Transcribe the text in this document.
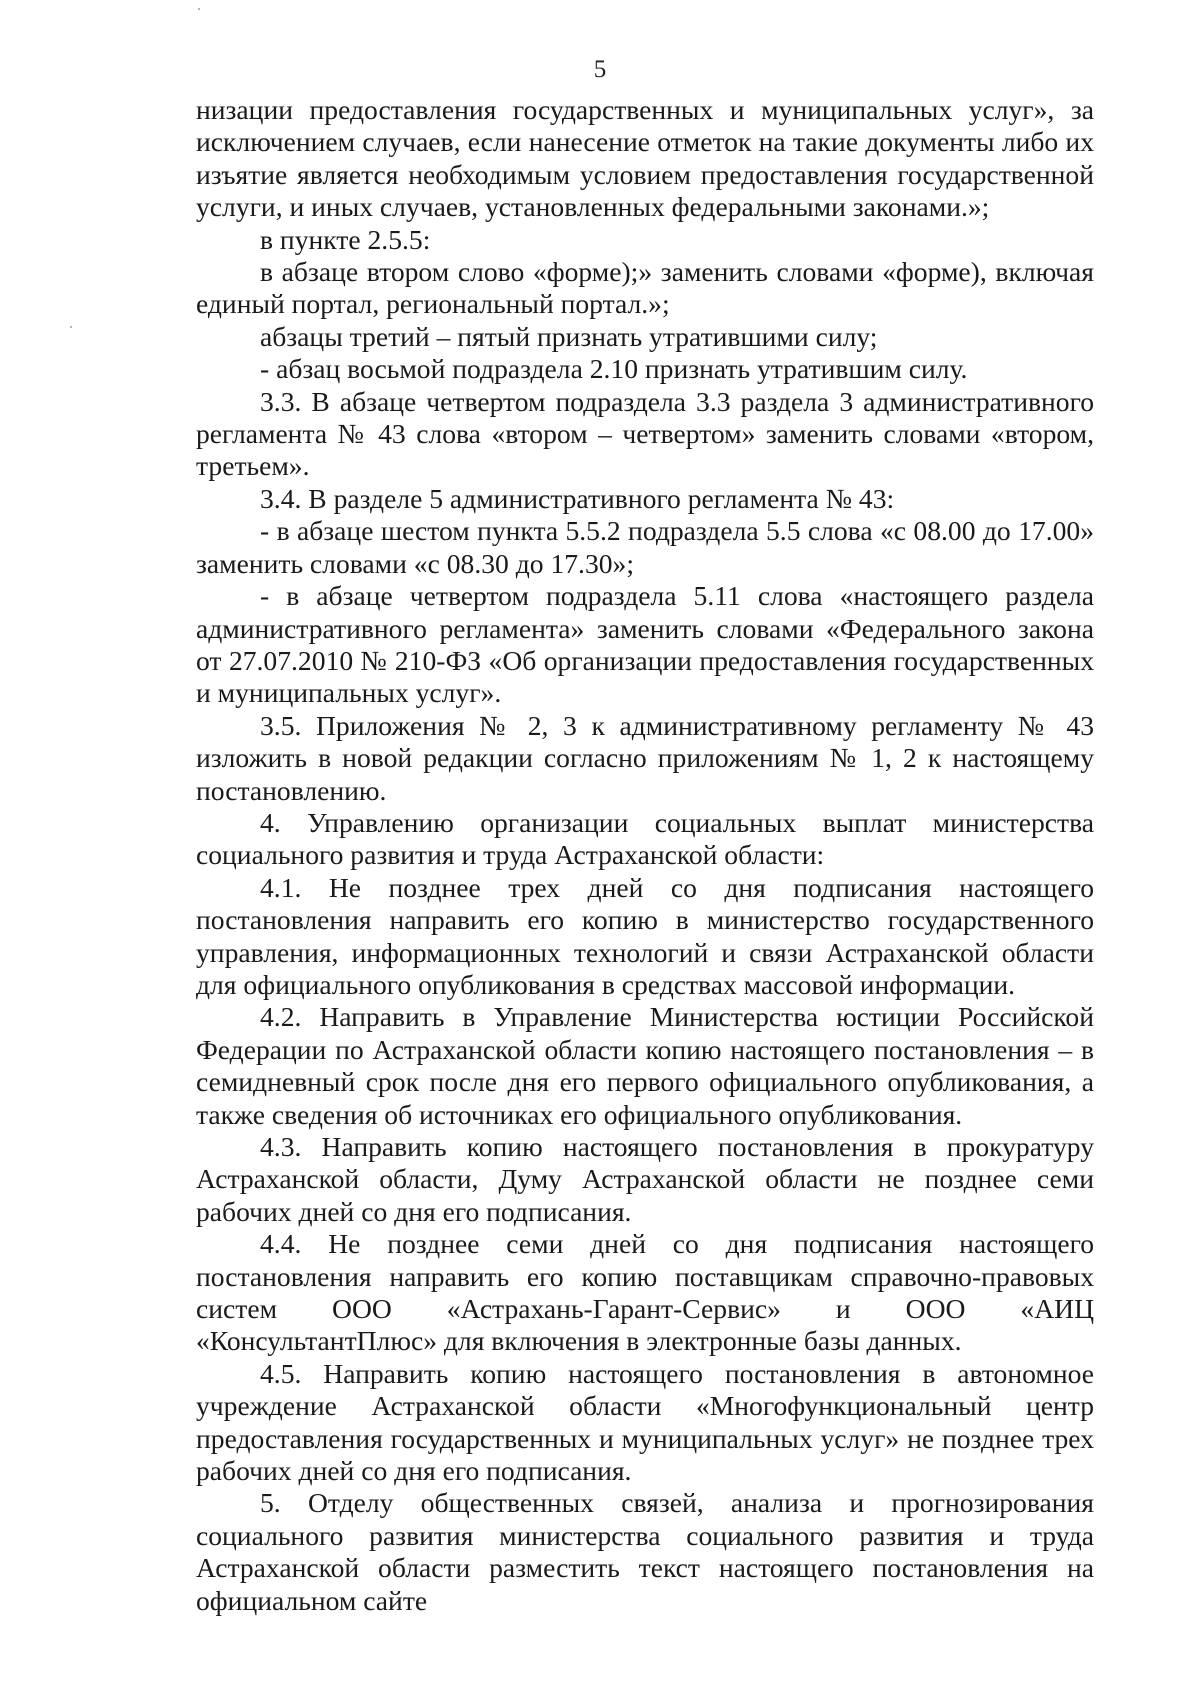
5

низации предоставления государственных и муниципальных услуг», за исключением случаев, если нанесение отметок на такие документы либо их изъятие является необходимым условием предоставления государственной услуги, и иных случаев, установленных федеральными законами.»;

в пункте 2.5.5:

в абзаце втором слово «форме);» заменить словами «форме), включая единый портал, региональный портал.»;

абзацы третий – пятый признать утратившими силу;

- абзац восьмой подраздела 2.10 признать утратившим силу.

3.3. В абзаце четвертом подраздела 3.3 раздела 3 административного регламента № 43 слова «втором – четвертом» заменить словами «втором, третьем».

3.4. В разделе 5 административного регламента № 43:

- в абзаце шестом пункта 5.5.2 подраздела 5.5 слова «с 08.00 до 17.00» заменить словами «с 08.30 до 17.30»;

- в абзаце четвертом подраздела 5.11 слова «настоящего раздела административного регламента» заменить словами «Федерального закона от 27.07.2010 № 210-ФЗ «Об организации предоставления государственных и муниципальных услуг».

3.5. Приложения № 2, 3 к административному регламенту № 43 изложить в новой редакции согласно приложениям № 1, 2 к настоящему постановлению.

4. Управлению организации социальных выплат министерства социального развития и труда Астраханской области:

4.1. Не позднее трех дней со дня подписания настоящего постановления направить его копию в министерство государственного управления, информационных технологий и связи Астраханской области для официального опубликования в средствах массовой информации.

4.2. Направить в Управление Министерства юстиции Российской Федерации по Астраханской области копию настоящего постановления – в семидневный срок после дня его первого официального опубликования, а также сведения об источниках его официального опубликования.

4.3. Направить копию настоящего постановления в прокуратуру Астраханской области, Думу Астраханской области не позднее семи рабочих дней со дня его подписания.

4.4. Не позднее семи дней со дня подписания настоящего постановления направить его копию поставщикам справочно-правовых систем ООО «Астрахань-Гарант-Сервис» и ООО «АИЦ «КонсультантПлюс» для включения в электронные базы данных.

4.5. Направить копию настоящего постановления в автономное учреждение Астраханской области «Многофункциональный центр предоставления государственных и муниципальных услуг» не позднее трех рабочих дней со дня его подписания.

5. Отделу общественных связей, анализа и прогнозирования социального развития министерства социального развития и труда Астраханской области разместить текст настоящего постановления на официальном сайте
